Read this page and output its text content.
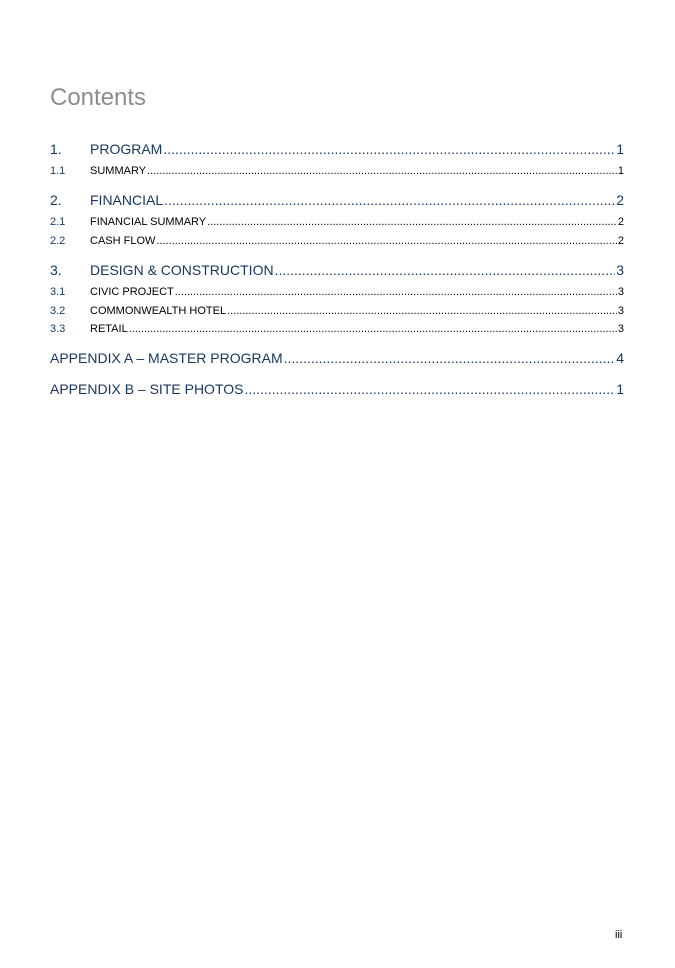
Contents
1.	PROGRAM .....	1
1.1	SUMMARY .....	1
2.	FINANCIAL .....	2
2.1	FINANCIAL SUMMARY .....	2
2.2	CASH FLOW .....	2
3.	DESIGN & CONSTRUCTION .....	3
3.1	CIVIC PROJECT .....	3
3.2	COMMONWEALTH HOTEL .....	3
3.3	RETAIL .....	3
APPENDIX A – MASTER PROGRAM .....	4
APPENDIX B – SITE PHOTOS .....	1
iii
